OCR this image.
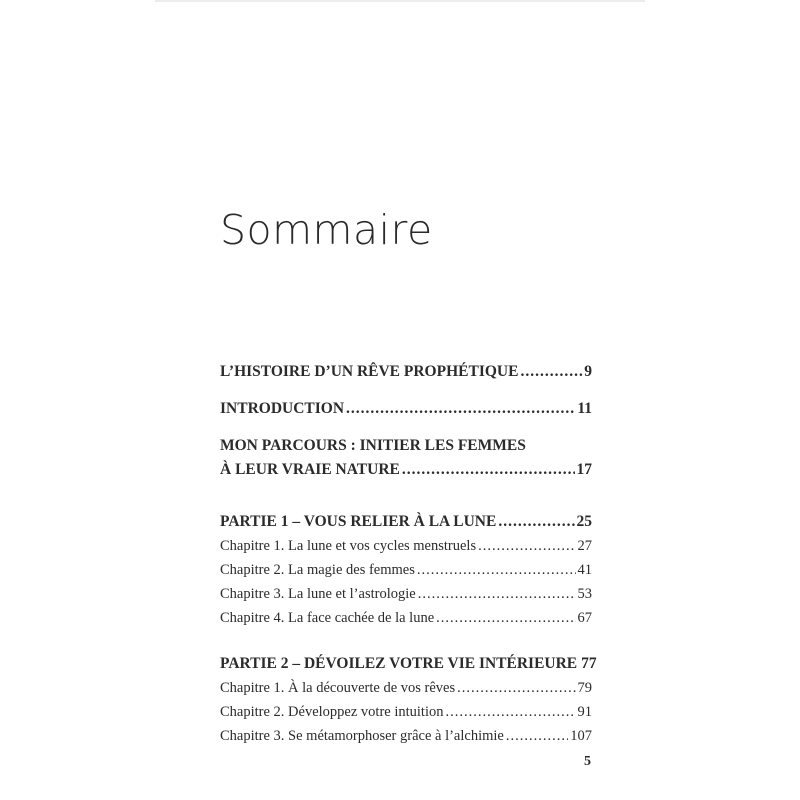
Sommaire
L’HISTOIRE D’UN RÊVE PROPHÉTIQUE .....	9
INTRODUCTION .....	11
MON PARCOURS : INITIER LES FEMMES
À LEUR VRAIE NATURE .....	17
PARTIE 1 – VOUS RELIER À LA LUNE .....	25
Chapitre 1. La lune et vos cycles menstruels .....	27
Chapitre 2. La magie des femmes .....	41
Chapitre 3. La lune et l’astrologie .....	53
Chapitre 4. La face cachée de la lune .....	67
PARTIE 2 – DÉVOILEZ VOTRE VIE INTÉRIEURE 77
Chapitre 1. À la découverte de vos rêves .....	79
Chapitre 2. Développez votre intuition .....	91
Chapitre 3. Se métamorphoser grâce à l’alchimie .....	107
5
